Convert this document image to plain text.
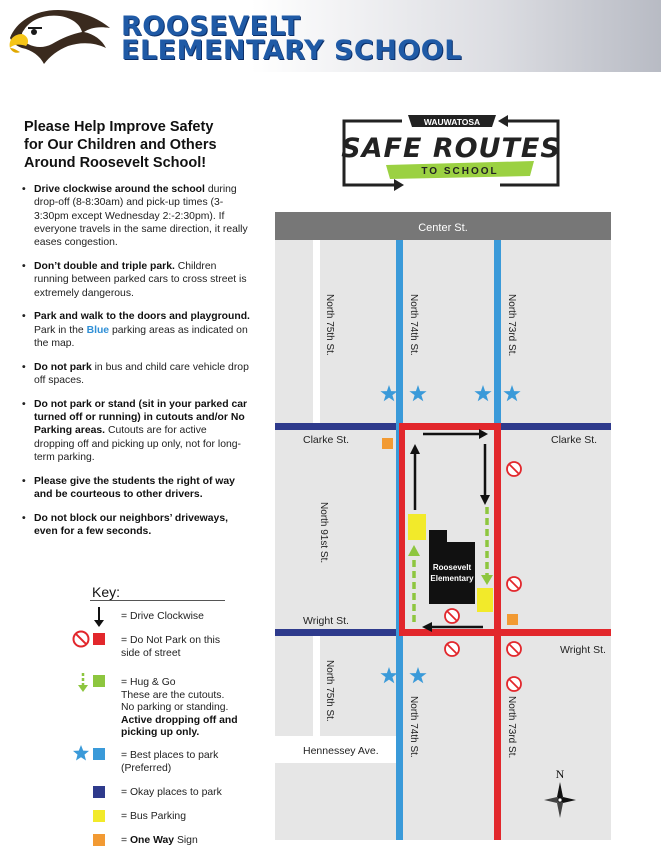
ROOSEVELT
ELEMENTARY SCHOOL
Please Help Improve Safety
for Our Children and Others
Around Roosevelt School!
• Drive clockwise around the school during drop-off (8-8:30am) and pick-up times (3-3:30pm except Wednesday 2:-2:30pm). If everyone travels in the same direction, it really eases congestion.
• Don’t double and triple park. Children running between parked cars to cross street is extremely dangerous.
• Park and walk to the doors and playground. Park in the Blue parking areas as indicated on the map.
• Do not park in bus and child care vehicle drop off spaces.
• Do not park or stand (sit in your parked car turned off or running) in cutouts and/or No Parking areas. Cutouts are for active dropping off and picking up only, not for long-term parking.
• Please give the students the right of way and be courteous to other drivers.
• Do not block our neighbors’ driveways, even for a few seconds.
Key:
= Drive Clockwise
= Do Not Park on this
side of street
= Hug & Go
These are the cutouts.
No parking or standing.
Active dropping off and
picking up only.
= Best places to park
(Preferred)
= Okay places to park
= Bus Parking
= One Way Sign
WAUWATOSA
SAFE ROUTES
TO SCHOOL
Roosevelt
Elementary
Center St.
Clarke St.	Clarke St.
Wright St.
Wright St.
Hennessey Ave.
North 75th St.	North 74th St.	North 73rd St.
North 91st St.
North 75th St.
North 74th St.	North 73rd St.
N
